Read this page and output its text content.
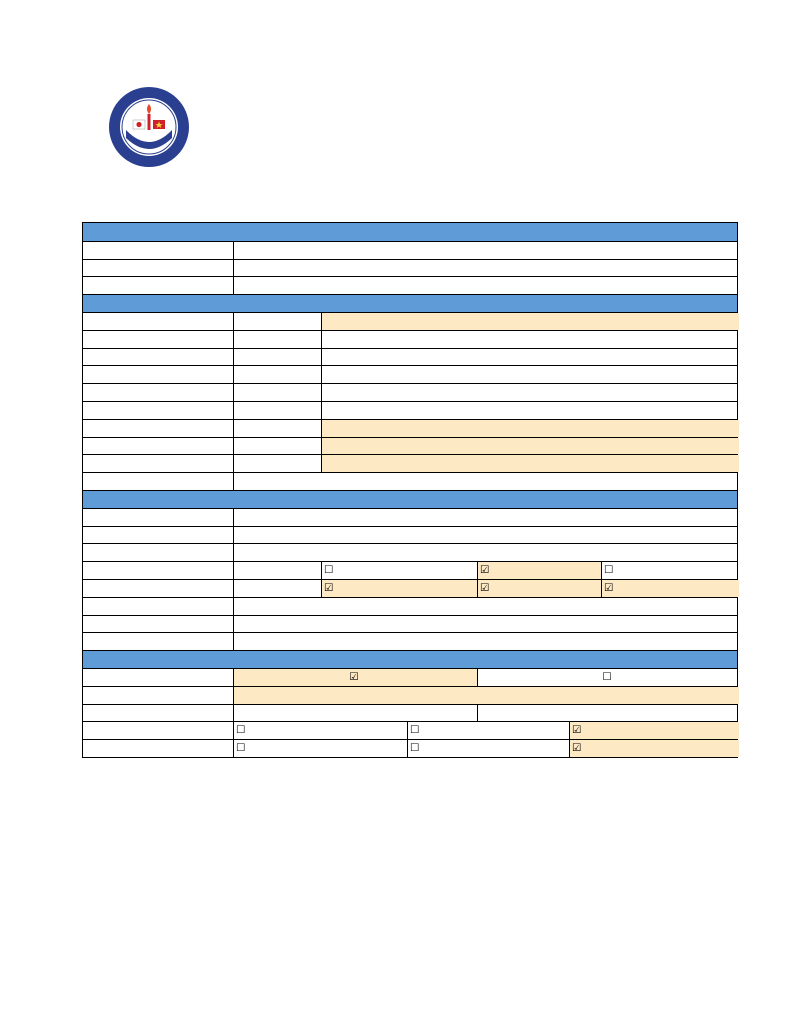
☐	☑	☐
☑	☑	☑
☑	☐
☐	☐	☑
☐	☐	☑
